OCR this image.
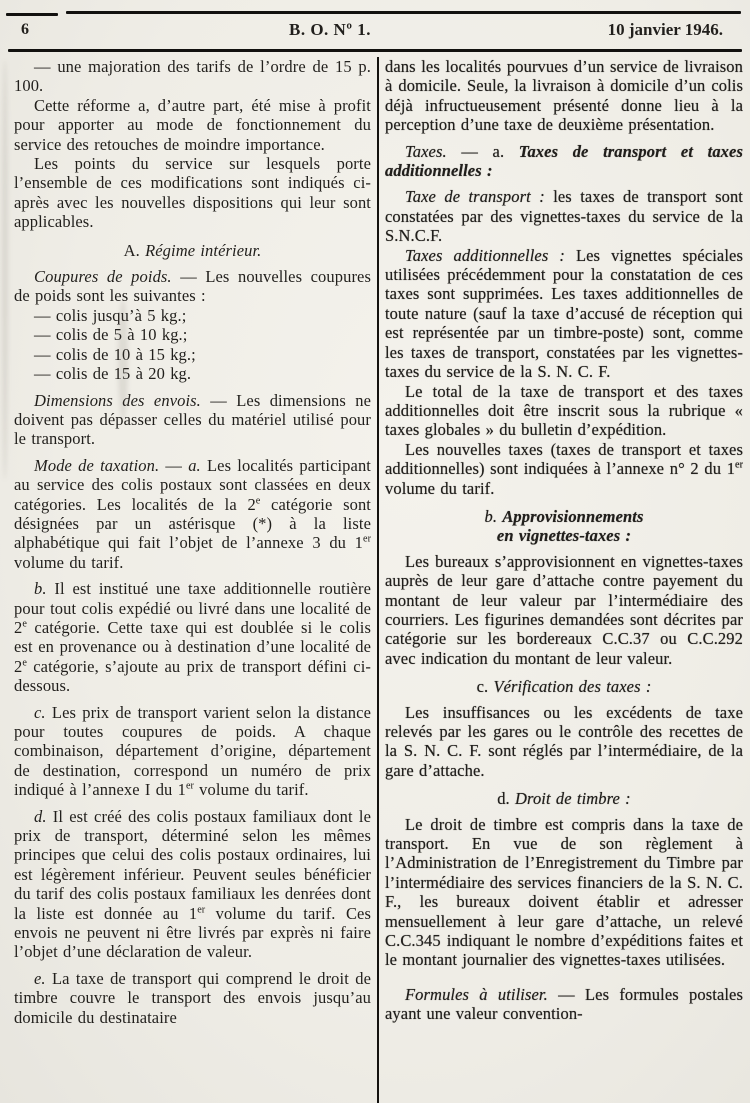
6	B. O. Nº 1.	10 janvier 1946.
— une majoration des tarifs de l’ordre de 15 p. 100.
Cette réforme a, d’autre part, été mise à profit pour apporter au mode de fonctionnement du service des retouches de moindre importance.
Les points du service sur lesquels porte l’ensemble de ces modifications sont indiqués ci-après avec les nouvelles dispositions qui leur sont applicables.
A. Régime intérieur.
Coupures de poids. — Les nouvelles coupures de poids sont les suivantes :
— colis jusqu’à 5 kg.;
— colis de 5 à 10 kg.;
— colis de 10 à 15 kg.;
— colis de 15 à 20 kg.
Dimensions des envois. — Les dimensions ne doivent pas dépasser celles du matériel utilisé pour le transport.
Mode de taxation. — a. Les localités participant au service des colis postaux sont classées en deux catégories. Les localités de la 2e catégorie sont désignées par un astérisque (*) à la liste alphabétique qui fait l’objet de l’annexe 3 du 1er volume du tarif.
b. Il est institué une taxe additionnelle routière pour tout colis expédié ou livré dans une localité de 2e catégorie. Cette taxe qui est doublée si le colis est en provenance ou à destination d’une localité de 2e catégorie, s’ajoute au prix de transport défini ci-dessous.
c. Les prix de transport varient selon la distance pour toutes coupures de poids. A chaque combinaison, département d’origine, département de destination, correspond un numéro de prix indiqué à l’annexe I du 1er volume du tarif.
d. Il est créé des colis postaux familiaux dont le prix de transport, déterminé selon les mêmes principes que celui des colis postaux ordinaires, lui est légèrement inférieur. Peuvent seules bénéficier du tarif des colis postaux familiaux les denrées dont la liste est donnée au 1er volume du tarif. Ces envois ne peuvent ni être livrés par exprès ni faire l’objet d’une déclaration de valeur.
e. La taxe de transport qui comprend le droit de timbre couvre le transport des envois jusqu’au domicile du destinataire
dans les localités pourvues d’un service de livraison à domicile. Seule, la livraison à domicile d’un colis déjà infructueusement présenté donne lieu à la perception d’une taxe de deuxième présentation.
Taxes. — a. Taxes de transport et taxes additionnelles :
Taxe de transport : les taxes de transport sont constatées par des vignettes-taxes du service de la S.N.C.F.
Taxes additionnelles : Les vignettes spéciales utilisées précédemment pour la constatation de ces taxes sont supprimées. Les taxes additionnelles de toute nature (sauf la taxe d’accusé de réception qui est représentée par un timbre-poste) sont, comme les taxes de transport, constatées par les vignettes-taxes du service de la S. N. C. F.
Le total de la taxe de transport et des taxes additionnelles doit être inscrit sous la rubrique « taxes globales » du bulletin d’expédition.
Les nouvelles taxes (taxes de transport et taxes additionnelles) sont indiquées à l’annexe n° 2 du 1er volume du tarif.
b. Approvisionnements
en vignettes-taxes :
Les bureaux s’approvisionnent en vignettes-taxes auprès de leur gare d’attache contre payement du montant de leur valeur par l’intermédiaire des courriers. Les figurines demandées sont décrites par catégorie sur les bordereaux C.C.37 ou C.C.292 avec indication du montant de leur valeur.
c. Vérification des taxes :
Les insuffisances ou les excédents de taxe relevés par les gares ou le contrôle des recettes de la S. N. C. F. sont réglés par l’intermédiaire, de la gare d’attache.
d. Droit de timbre :
Le droit de timbre est compris dans la taxe de transport. En vue de son règlement à l’Administration de l’Enregistrement du Timbre par l’intermédiaire des services financiers de la S. N. C. F., les bureaux doivent établir et adresser mensuellement à leur gare d’attache, un relevé C.C.345 indiquant le nombre d’expéditions faites et le montant journalier des vignettes-taxes utilisées.
Formules à utiliser. — Les formules postales ayant une valeur convention-
